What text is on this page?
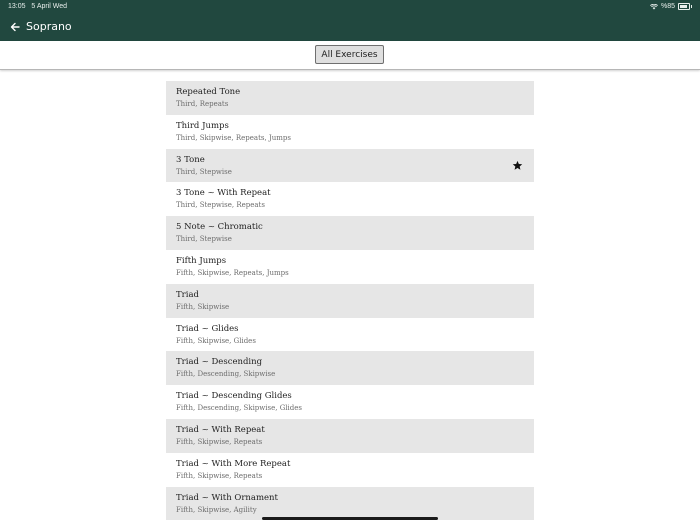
13:05 5 April Wed	%85
Soprano
All Exercises
Repeated Tone
Third, Repeats
Third Jumps
Third, Skipwise, Repeats, Jumps
3 Tone
Third, Stepwise
3 Tone ~ With Repeat
Third, Stepwise, Repeats
5 Note ~ Chromatic
Third, Stepwise
Fifth Jumps
Fifth, Skipwise, Repeats, Jumps
Triad
Fifth, Skipwise
Triad ~ Glides
Fifth, Skipwise, Glides
Triad ~ Descending
Fifth, Descending, Skipwise
Triad ~ Descending Glides
Fifth, Descending, Skipwise, Glides
Triad ~ With Repeat
Fifth, Skipwise, Repeats
Triad ~ With More Repeat
Fifth, Skipwise, Repeats
Triad ~ With Ornament
Fifth, Skipwise, Agility
